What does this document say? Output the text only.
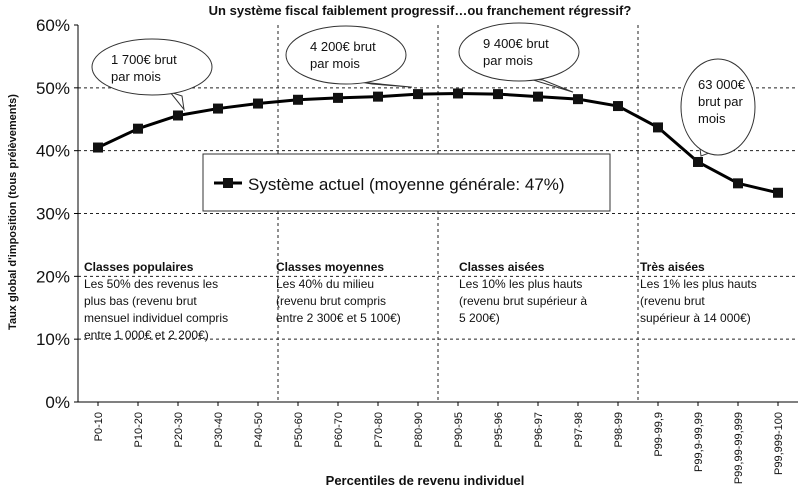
Un système fiscal faiblement progressif…ou franchement régressif?
0%
10%
20%
30%
40%
50%
60%
P0-10	P10-20	P20-30	P30-40	P40-50	P50-60	P60-70	P70-80	P80-90	P90-95	P95-96	P96-97	P97-98	P98-99	P99-99,9	P99,9-99,99	P99,99-99,999	P99,999-100
Classes populaires
Les 50% des revenus les
plus bas (revenu brut
mensuel individuel compris
entre 1 000€ et 2 200€)
Classes moyennes
Les 40% du milieu
(revenu brut compris
entre 2 300€ et 5 100€)
Classes aisées
Les 10% les plus hauts
(revenu brut supérieur à
5 200€)
Très aisées
Les 1% les plus hauts
(revenu brut
supérieur à 14 000€)
Système actuel (moyenne générale: 47%)
1 700€ brut
par mois
4 200€ brut
par mois
9 400€ brut
par mois
63 000€
brut par
mois
Taux global d'imposition (tous prélèvements)
Percentiles de revenu individuel
